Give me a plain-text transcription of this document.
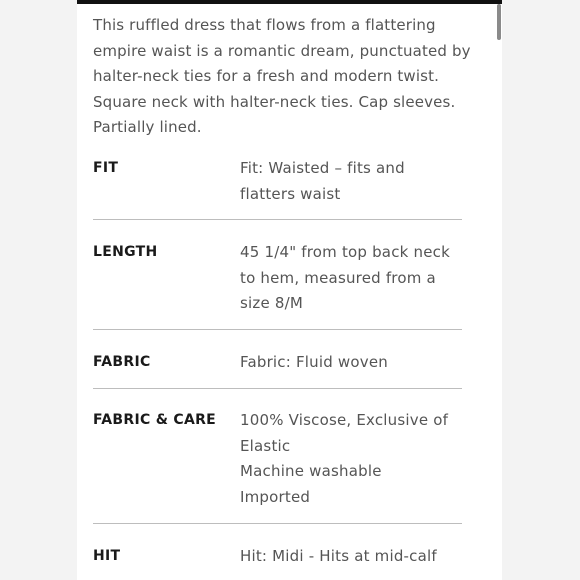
This ruffled dress that flows from a flattering empire waist is a romantic dream, punctuated by halter-neck ties for a fresh and modern twist. Square neck with halter-neck ties. Cap sleeves. Partially lined.

FIT	Fit: Waisted – fits and flatters waist
LENGTH	45 1/4" from top back neck to hem, measured from a size 8/M
FABRIC	Fabric: Fluid woven
FABRIC & CARE 100% Viscose, Exclusive of Elastic
Machine washable
Imported
HIT	Hit: Midi - Hits at mid-calf
